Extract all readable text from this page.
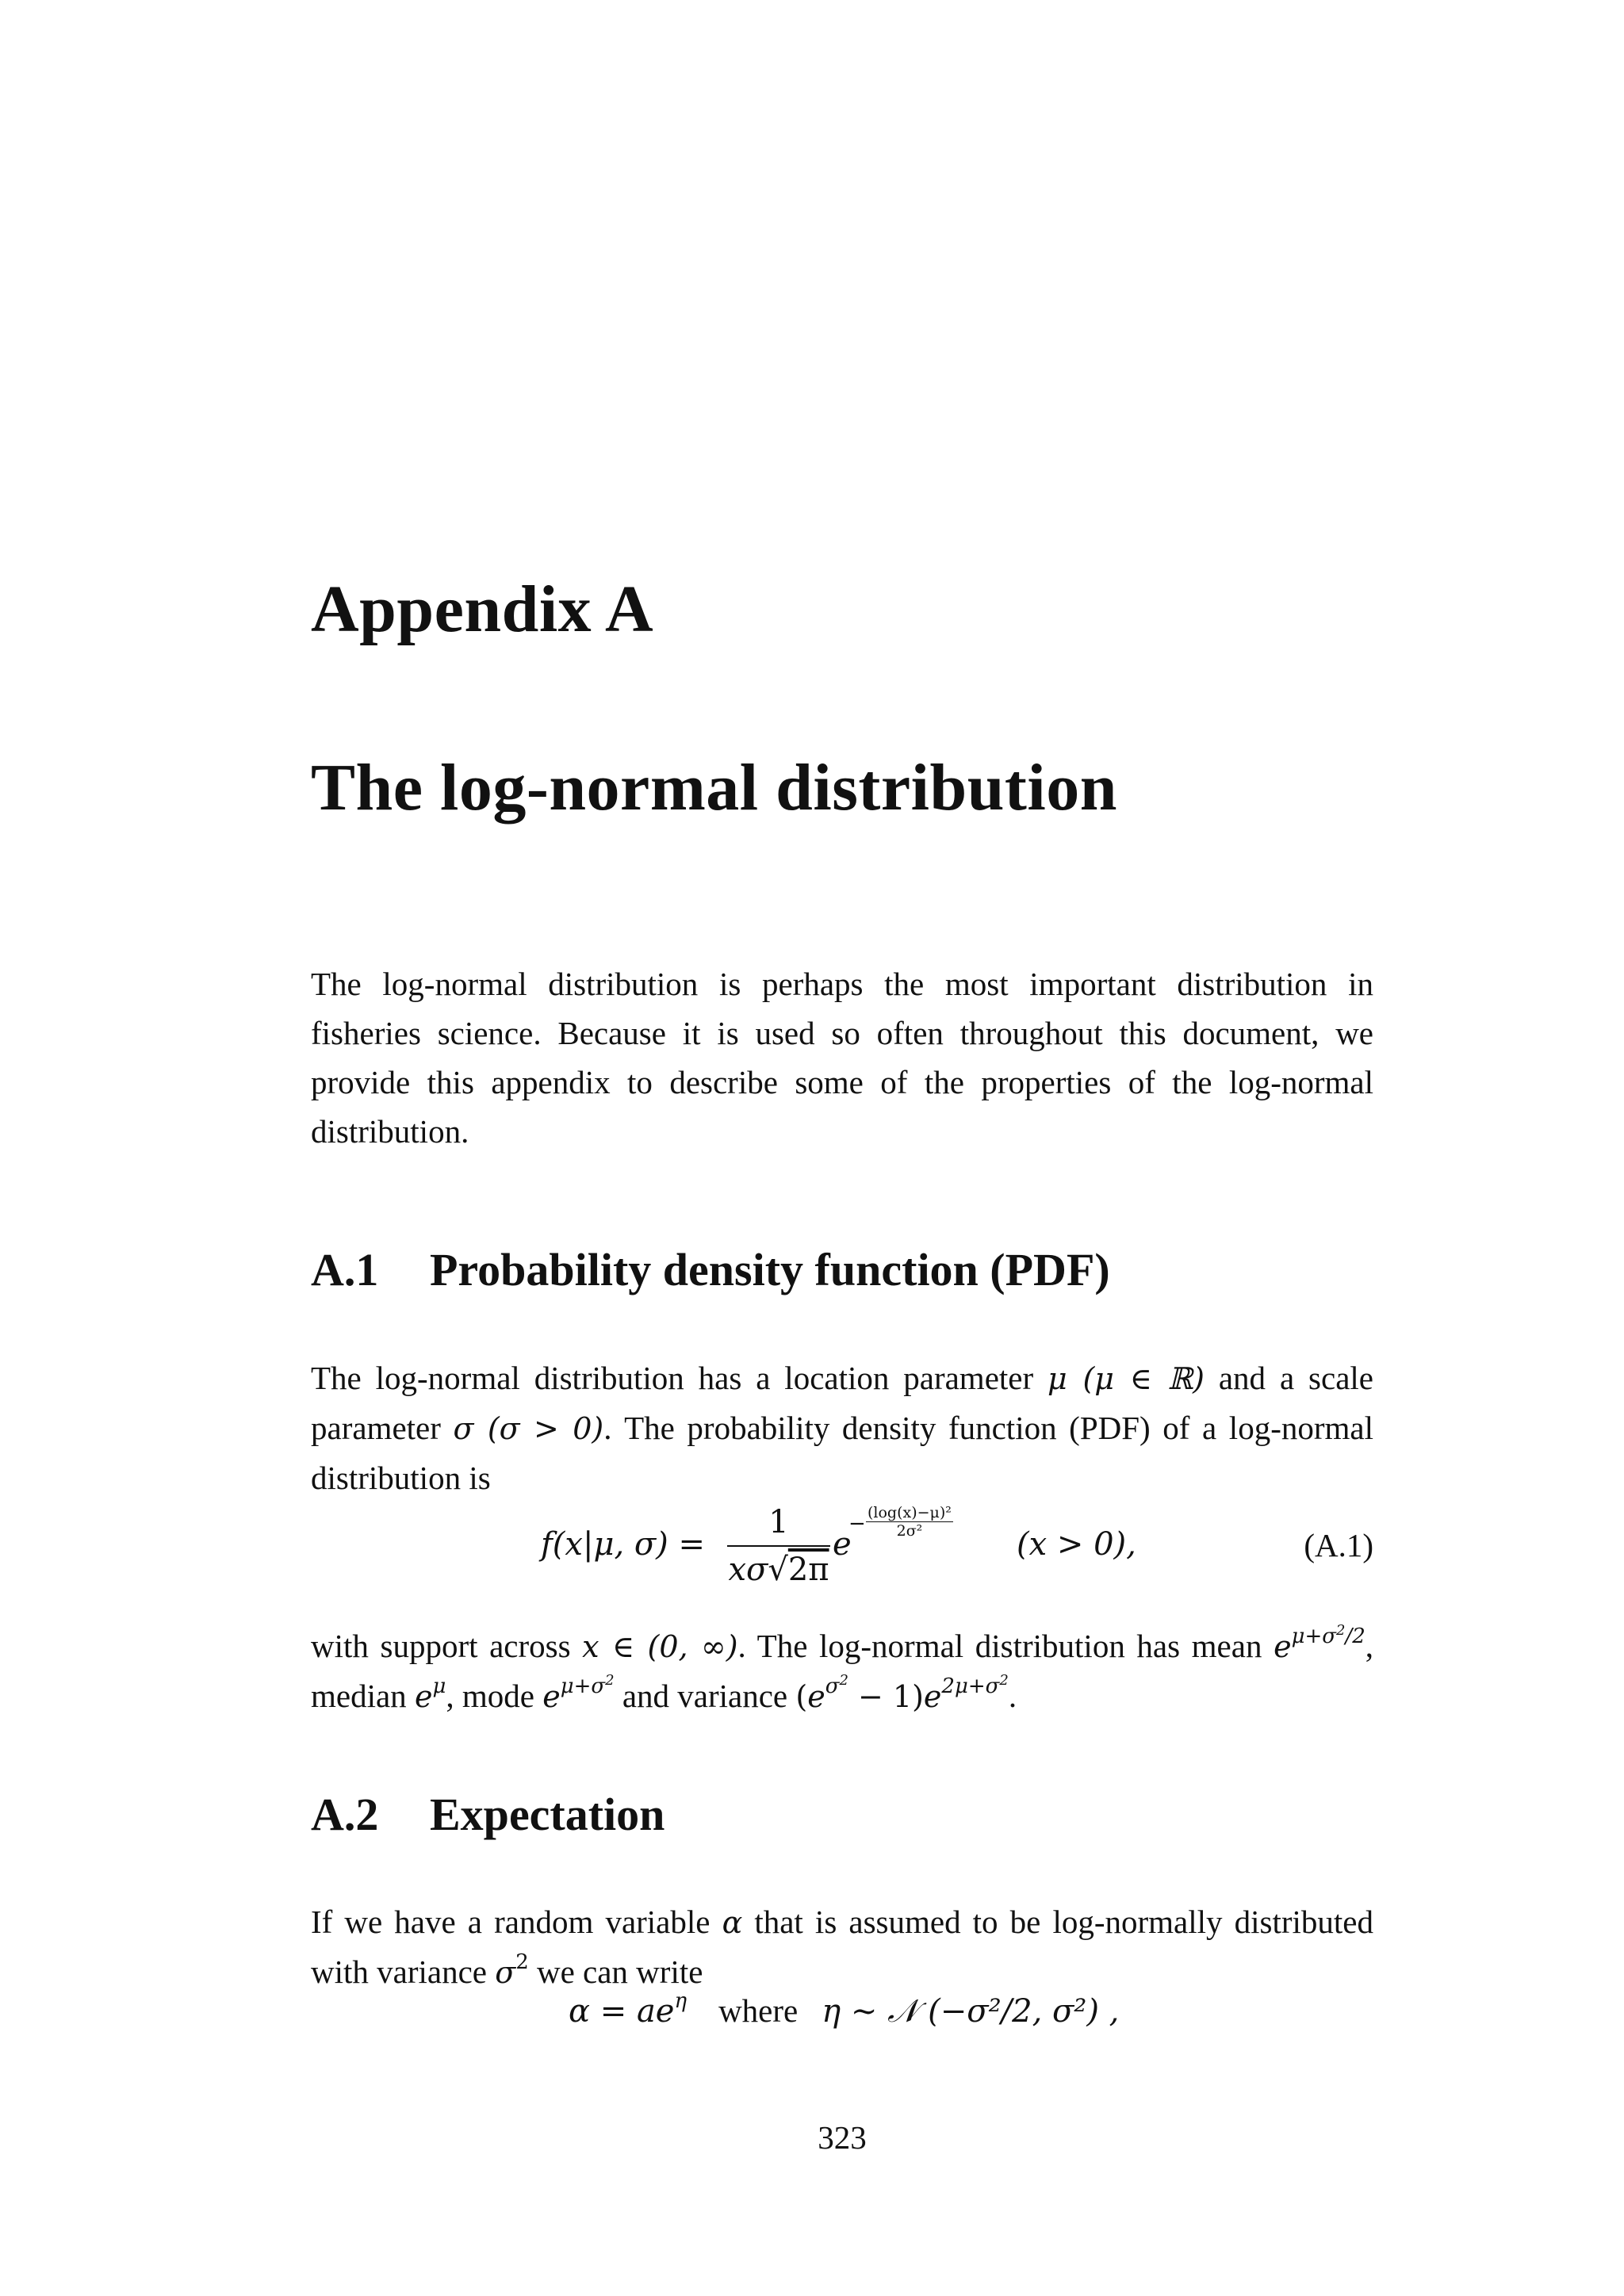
Appendix A
The log-normal distribution
The log-normal distribution is perhaps the most important distribution in fisheries science. Because it is used so often throughout this document, we provide this appendix to describe some of the properties of the log-normal distribution.
A.1 Probability density function (PDF)
The log-normal distribution has a location parameter μ (μ ∈ ℝ) and a scale parameter σ (σ > 0). The probability density function (PDF) of a log-normal distribution is
f(x|μ, σ) =
1
xσ√2π
e
− (log(x)−μ)²
2σ²	(x > 0),	(A.1)
with support across x ∈ (0, ∞). The log-normal distribution has mean $e^{\mu+\sigma^2/2}$, median $e^\mu$, mode $e^{\mu+\sigma^2}$ and variance $(e^{\sigma^2} - 1)e^{2\mu+\sigma^2}$.
A.2 Expectation
If we have a random variable α that is assumed to be log-normally distributed with variance $\sigma^2$ we can write
$\alpha = ae^\eta$ where η ∼ 𝒩 (−σ²/2, σ²) ,
323
